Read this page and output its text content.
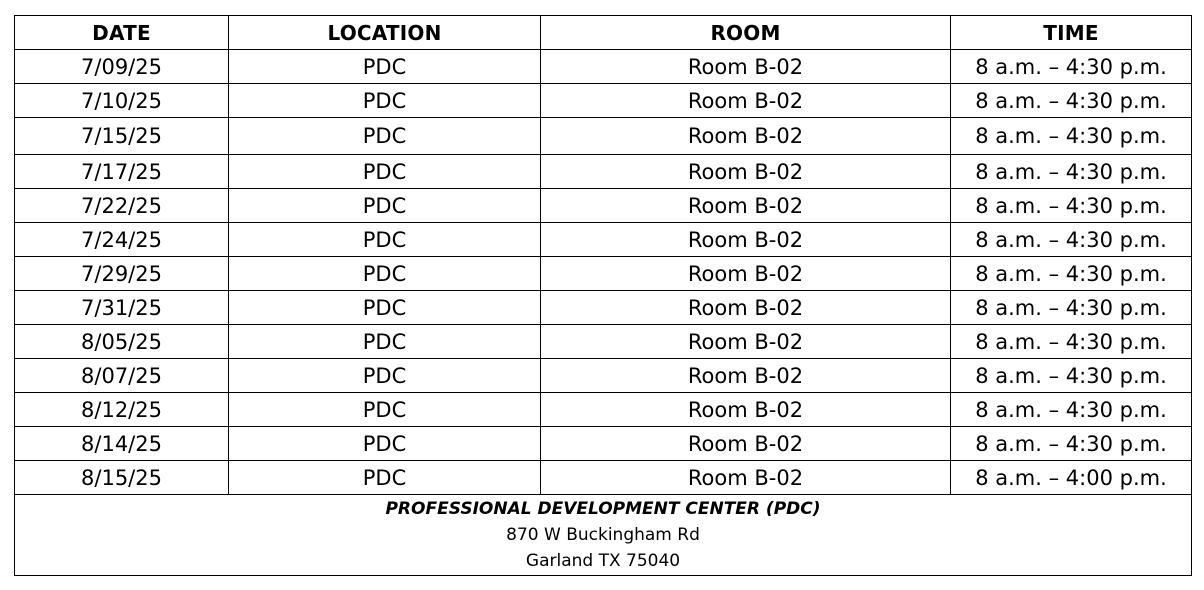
DATE	LOCATION	ROOM	TIME
7/09/25	PDC	Room B-02	8 a.m. – 4:30 p.m.
7/10/25	PDC	Room B-02	8 a.m. – 4:30 p.m.
7/15/25	PDC	Room B-02	8 a.m. – 4:30 p.m.
7/17/25	PDC	Room B-02	8 a.m. – 4:30 p.m.
7/22/25	PDC	Room B-02	8 a.m. – 4:30 p.m.
7/24/25	PDC	Room B-02	8 a.m. – 4:30 p.m.
7/29/25	PDC	Room B-02	8 a.m. – 4:30 p.m.
7/31/25	PDC	Room B-02	8 a.m. – 4:30 p.m.
8/05/25	PDC	Room B-02	8 a.m. – 4:30 p.m.
8/07/25	PDC	Room B-02	8 a.m. – 4:30 p.m.
8/12/25	PDC	Room B-02	8 a.m. – 4:30 p.m.
8/14/25	PDC	Room B-02	8 a.m. – 4:30 p.m.
8/15/25	PDC	Room B-02	8 a.m. – 4:00 p.m.

PROFESSIONAL DEVELOPMENT CENTER (PDC)
870 W Buckingham Rd
Garland TX 75040			
